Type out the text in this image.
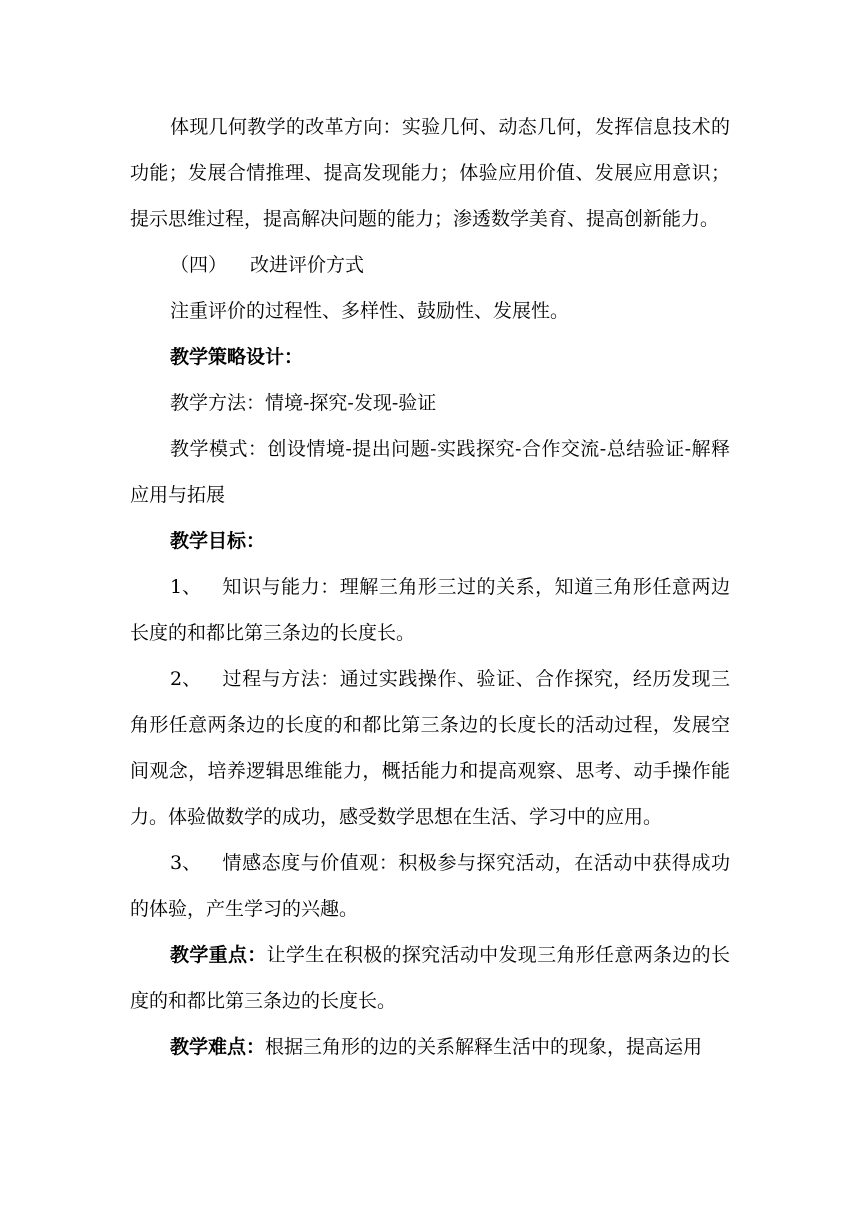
体现几何教学的改革方向：实验几何、动态几何，发挥信息技术的功能；发展合情推理、提高发现能力；体验应用价值、发展应用意识；提示思维过程，提高解决问题的能力；渗透数学美育、提高创新能力。

（四） 改进评价方式

注重评价的过程性、多样性、鼓励性、发展性。

教学策略设计：

教学方法：情境-探究-发现-验证

教学模式：创设情境-提出问题-实践探究-合作交流-总结验证-解释应用与拓展

教学目标：

1、 知识与能力：理解三角形三过的关系，知道三角形任意两边长度的和都比第三条边的长度长。

2、 过程与方法：通过实践操作、验证、合作探究，经历发现三角形任意两条边的长度的和都比第三条边的长度长的活动过程，发展空间观念，培养逻辑思维能力，概括能力和提高观察、思考、动手操作能力。体验做数学的成功，感受数学思想在生活、学习中的应用。

3、 情感态度与价值观：积极参与探究活动，在活动中获得成功的体验，产生学习的兴趣。

教学重点：让学生在积极的探究活动中发现三角形任意两条边的长度的和都比第三条边的长度长。

教学难点：根据三角形的边的关系解释生活中的现象，提高运用
